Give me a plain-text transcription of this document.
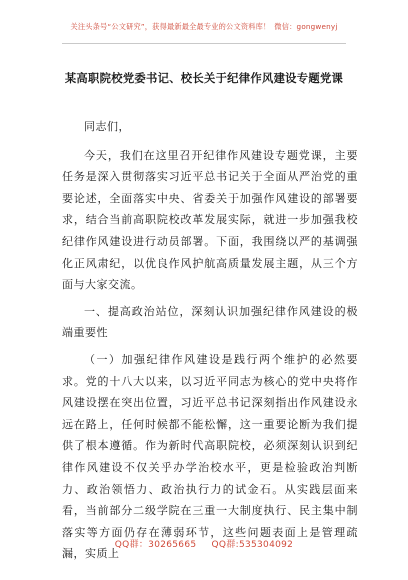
关注头条号“公文研究”，获得最新最全最专业的公文资料库！ 微信：gongwenyj
某高职院校党委书记、校长关于纪律作风建设专题党课

同志们，

今天，我们在这里召开纪律作风建设专题党课，主要任务是深入贯彻落实习近平总书记关于全面从严治党的重要论述，全面落实中央、省委关于加强作风建设的部署要求，结合当前高职院校改革发展实际，就进一步加强我校纪律作风建设进行动员部署。下面，我围绕以严的基调强化正风肃纪，以优良作风护航高质量发展主题，从三个方面与大家交流。

一、提高政治站位，深刻认识加强纪律作风建设的极端重要性

（一）加强纪律作风建设是践行两个维护的必然要求。党的十八大以来，以习近平同志为核心的党中央将作风建设摆在突出位置，习近平总书记深刻指出作风建设永远在路上，任何时候都不能松懈，这一重要论断为我们提供了根本遵循。作为新时代高职院校，必须深刻认识到纪律作风建设不仅关乎办学治校水平，更是检验政治判断力、政治领悟力、政治执行力的试金石。从实践层面来看，当前部分二级学院在三重一大制度执行、民主集中制落实等方面仍存在薄弱环节，这些问题表面上是管理疏漏，实质上

QQ群：30265665 QQ群:535304092
